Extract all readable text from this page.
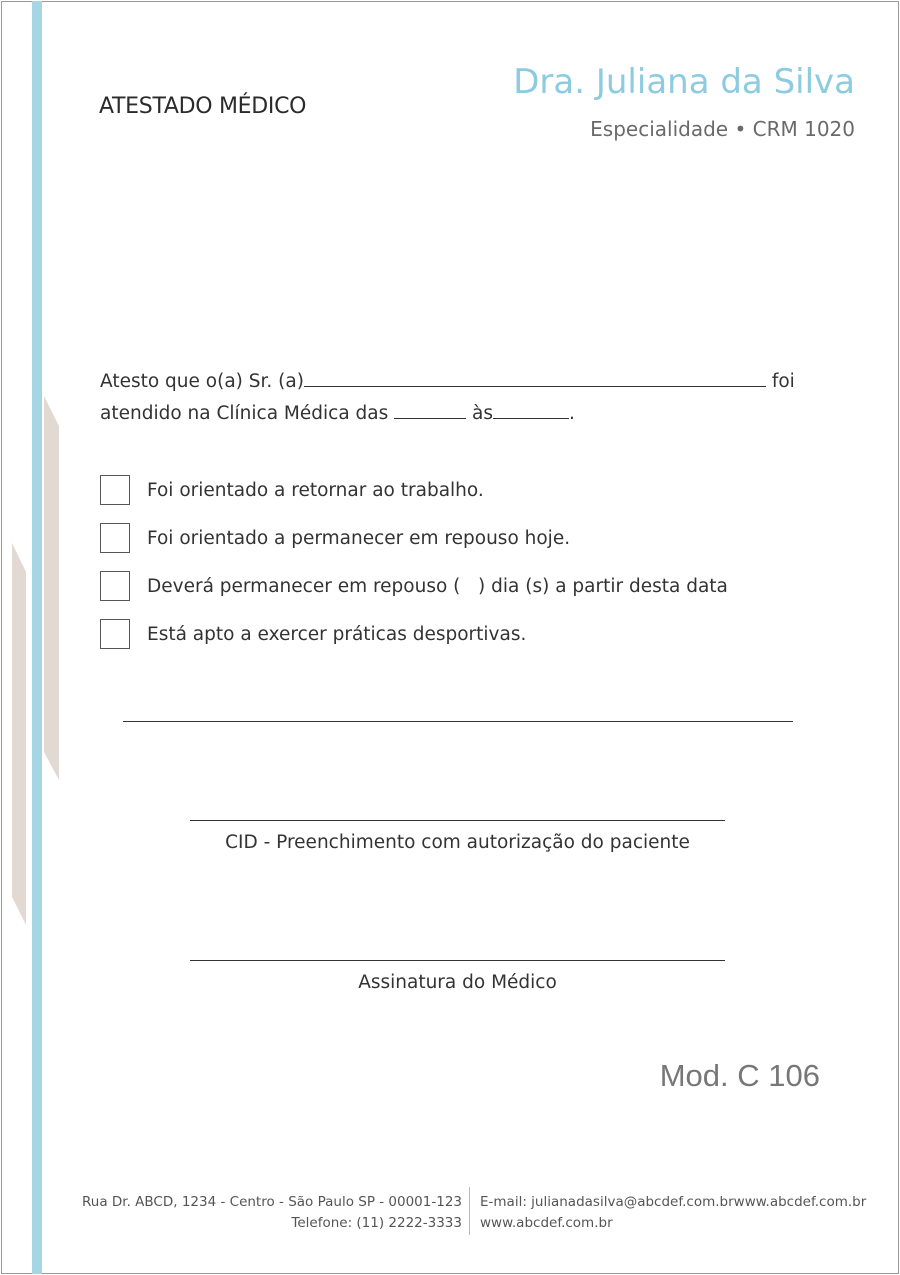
ATESTADO MÉDICO
Dra. Juliana da Silva
Especialidade • CRM 1020
Atesto que o(a) Sr. (a)	foi
atendido na Clínica Médica das	às	.
Foi orientado a retornar ao trabalho.
Foi orientado a permanecer em repouso hoje.
Deverá permanecer em repouso (   ) dia (s) a partir desta data
Está apto a exercer práticas desportivas.
CID - Preenchimento com autorização do paciente
Assinatura do Médico
Mod. C 106
Rua Dr. ABCD, 1234 - Centro - São Paulo SP - 00001-123
Telefone: (11) 2222-3333
E-mail: julianadasilva@abcdef.com.brwww.abcdef.com.br
www.abcdef.com.br
